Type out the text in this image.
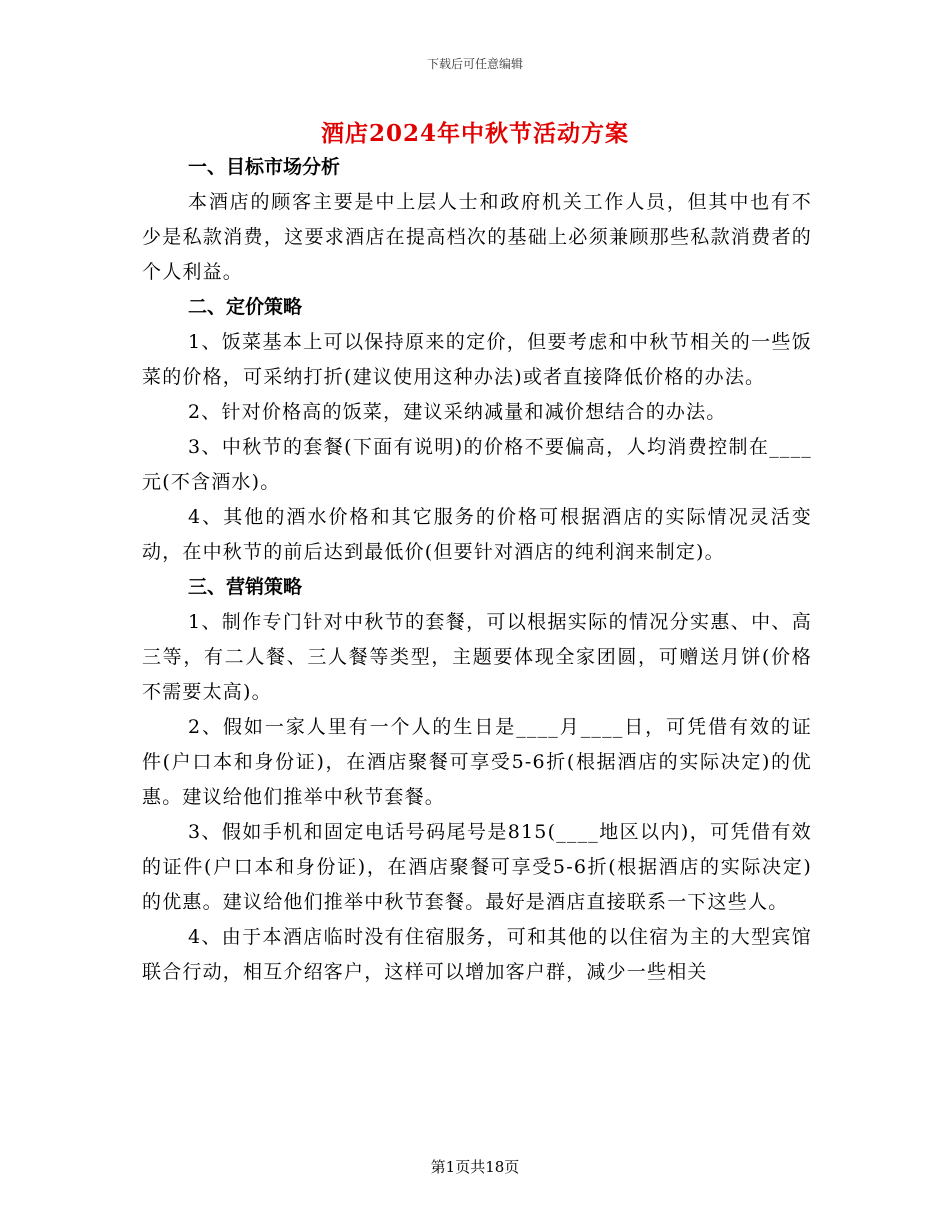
下载后可任意编辑
酒店2024年中秋节活动方案
一、目标市场分析

本酒店的顾客主要是中上层人士和政府机关工作人员，但其中也有不少是私款消费，这要求酒店在提高档次的基础上必须兼顾那些私款消费者的个人利益。

二、定价策略

1、饭菜基本上可以保持原来的定价，但要考虑和中秋节相关的一些饭菜的价格，可采纳打折(建议使用这种办法)或者直接降低价格的办法。

2、针对价格高的饭菜，建议采纳减量和减价想结合的办法。

3、中秋节的套餐(下面有说明)的价格不要偏高，人均消费控制在____元(不含酒水)。

4、其他的酒水价格和其它服务的价格可根据酒店的实际情况灵活变动，在中秋节的前后达到最低价(但要针对酒店的纯利润来制定)。

三、营销策略

1、制作专门针对中秋节的套餐，可以根据实际的情况分实惠、中、高三等，有二人餐、三人餐等类型，主题要体现全家团圆，可赠送月饼(价格不需要太高)。

2、假如一家人里有一个人的生日是____月____日，可凭借有效的证件(户口本和身份证)，在酒店聚餐可享受5-6折(根据酒店的实际决定)的优惠。建议给他们推举中秋节套餐。

3、假如手机和固定电话号码尾号是815(____地区以内)，可凭借有效的证件(户口本和身份证)，在酒店聚餐可享受5-6折(根据酒店的实际决定)的优惠。建议给他们推举中秋节套餐。最好是酒店直接联系一下这些人。

4、由于本酒店临时没有住宿服务，可和其他的以住宿为主的大型宾馆联合行动，相互介绍客户，这样可以增加客户群，减少一些相关

第1页共18页
